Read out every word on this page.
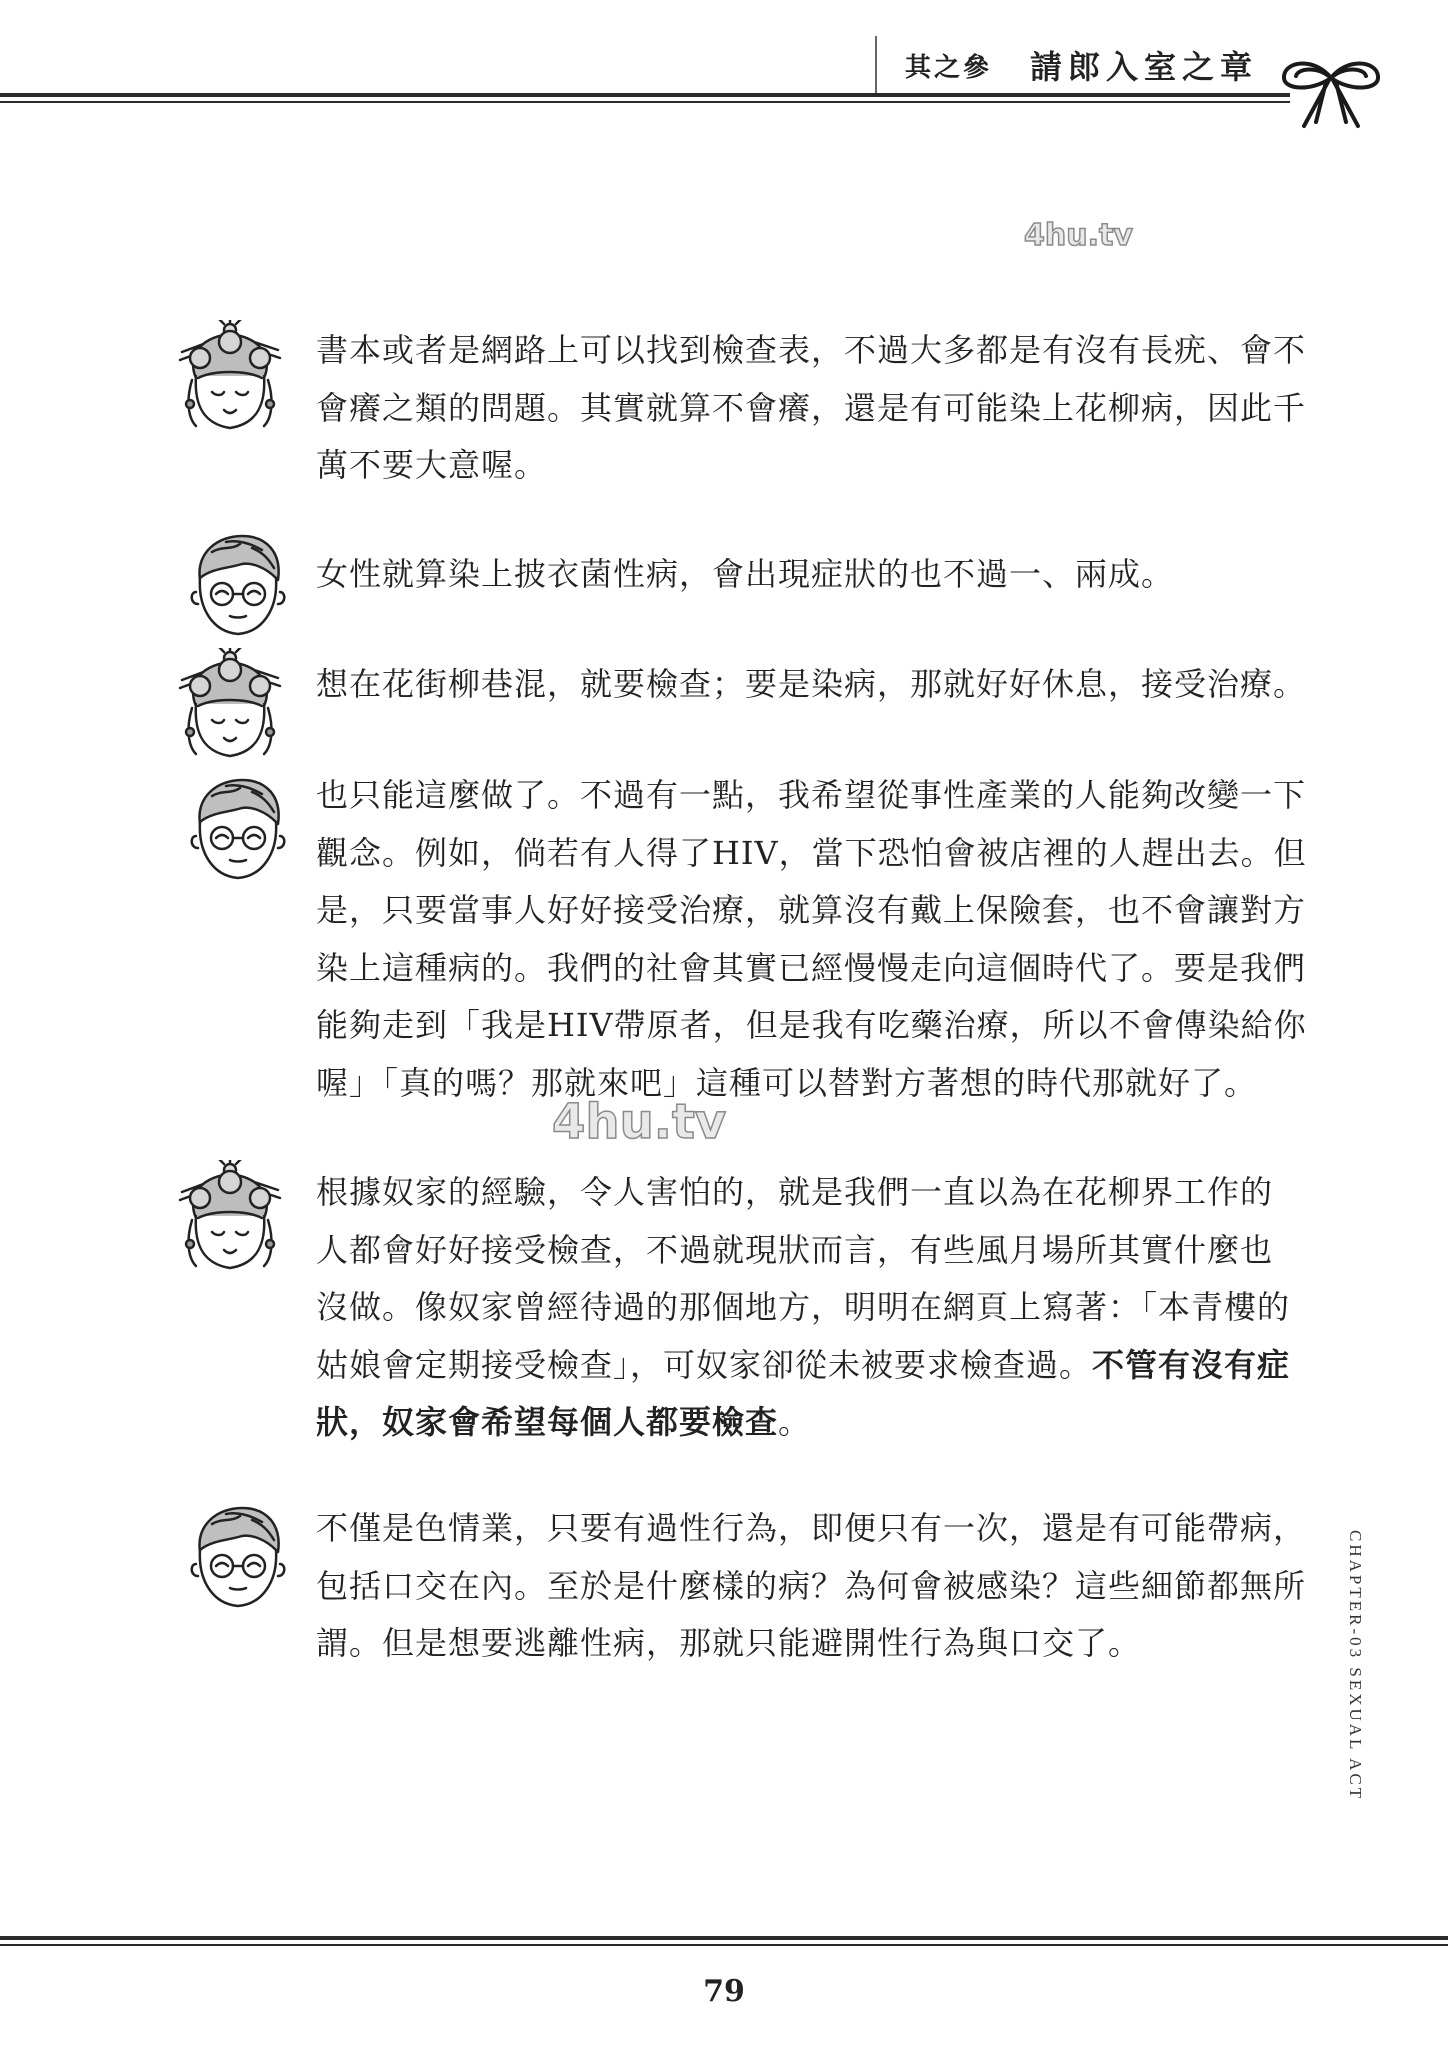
其之參 請郎入室之章
4hu.tv
4hu.tv
書本或者是網路上可以找到檢查表，不過大多都是有沒有長疣、會不
會癢之類的問題。其實就算不會癢，還是有可能染上花柳病，因此千
萬不要大意喔。
女性就算染上披衣菌性病，會出現症狀的也不過一、兩成。
想在花街柳巷混，就要檢查；要是染病，那就好好休息，接受治療。
也只能這麼做了。不過有一點，我希望從事性產業的人能夠改變一下
觀念。例如，倘若有人得了HIV，當下恐怕會被店裡的人趕出去。但
是，只要當事人好好接受治療，就算沒有戴上保險套，也不會讓對方
染上這種病的。我們的社會其實已經慢慢走向這個時代了。要是我們
能夠走到「我是HIV帶原者，但是我有吃藥治療，所以不會傳染給你
喔」「真的嗎？那就來吧」這種可以替對方著想的時代那就好了。
根據奴家的經驗，令人害怕的，就是我們一直以為在花柳界工作的
人都會好好接受檢查，不過就現狀而言，有些風月場所其實什麼也
沒做。像奴家曾經待過的那個地方，明明在網頁上寫著：「本青樓的
姑娘會定期接受檢查」，可奴家卻從未被要求檢查過。不管有沒有症
狀，奴家會希望每個人都要檢查。
不僅是色情業，只要有過性行為，即便只有一次，還是有可能帶病，
包括口交在內。至於是什麼樣的病？為何會被感染？這些細節都無所
謂。但是想要逃離性病，那就只能避開性行為與口交了。	CHAPTER-03 SEXUAL ACT
79
